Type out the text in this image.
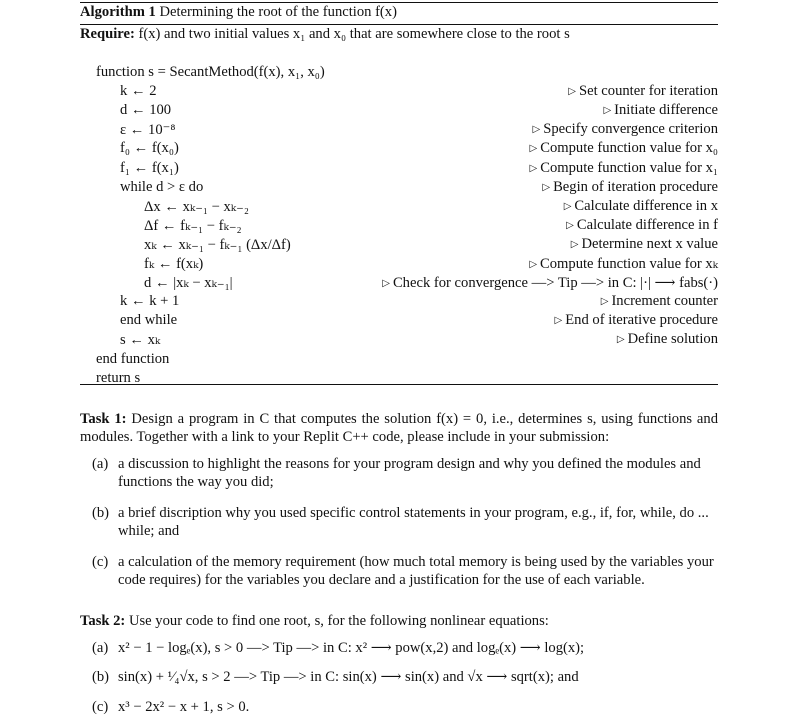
Algorithm 1 Determining the root of the function f(x)
Require: f(x) and two initial values x₁ and x₀ that are somewhere close to the root s
function s = SecantMethod(f(x), x₁, x₀)
k ← 2	▷ Set counter for iteration
d ← 100	▷ Initiate difference
ε ← 10⁻⁸	▷ Specify convergence criterion
f₀ ← f(x₀)	▷ Compute function value for x₀
f₁ ← f(x₁)	▷ Compute function value for x₁
while d > ε do	▷ Begin of iteration procedure
Δx ← xₖ₋₁ − xₖ₋₂	▷ Calculate difference in x
Δf ← fₖ₋₁ − fₖ₋₂	▷ Calculate difference in f
xₖ ← xₖ₋₁ − fₖ₋₁ (Δx/Δf)	▷ Determine next x value
fₖ ← f(xₖ)	▷ Compute function value for xₖ
d ← |xₖ − xₖ₋₁|	▷ Check for convergence —> Tip —> in C: |·| ⟶ fabs(·)
k ← k + 1	▷ Increment counter
end while	▷ End of iterative procedure
s ← xₖ	▷ Define solution
end function
return s
Task 1: Design a program in C that computes the solution f(x) = 0, i.e., determines s, using functions and modules. Together with a link to your Replit C++ code, please include in your submission:
(a) a discussion to highlight the reasons for your program design and why you defined the modules and functions the way you did;
(b) a brief discription why you used specific control statements in your program, e.g., if, for, while, do ... while; and
(c) a calculation of the memory requirement (how much total memory is being used by the variables your code requires) for the variables you declare and a justification for the use of each variable.
Task 2: Use your code to find one root, s, for the following nonlinear equations:
(a) x² − 1 − logₑ(x), s > 0 —> Tip —> in C: x² ⟶ pow(x,2) and logₑ(x) ⟶ log(x);
(b) sin(x) + ¹⁄₄√x, s > 2 —> Tip —> in C: sin(x) ⟶ sin(x) and √x ⟶ sqrt(x); and
(c) x³ − 2x² − x + 1, s > 0.
